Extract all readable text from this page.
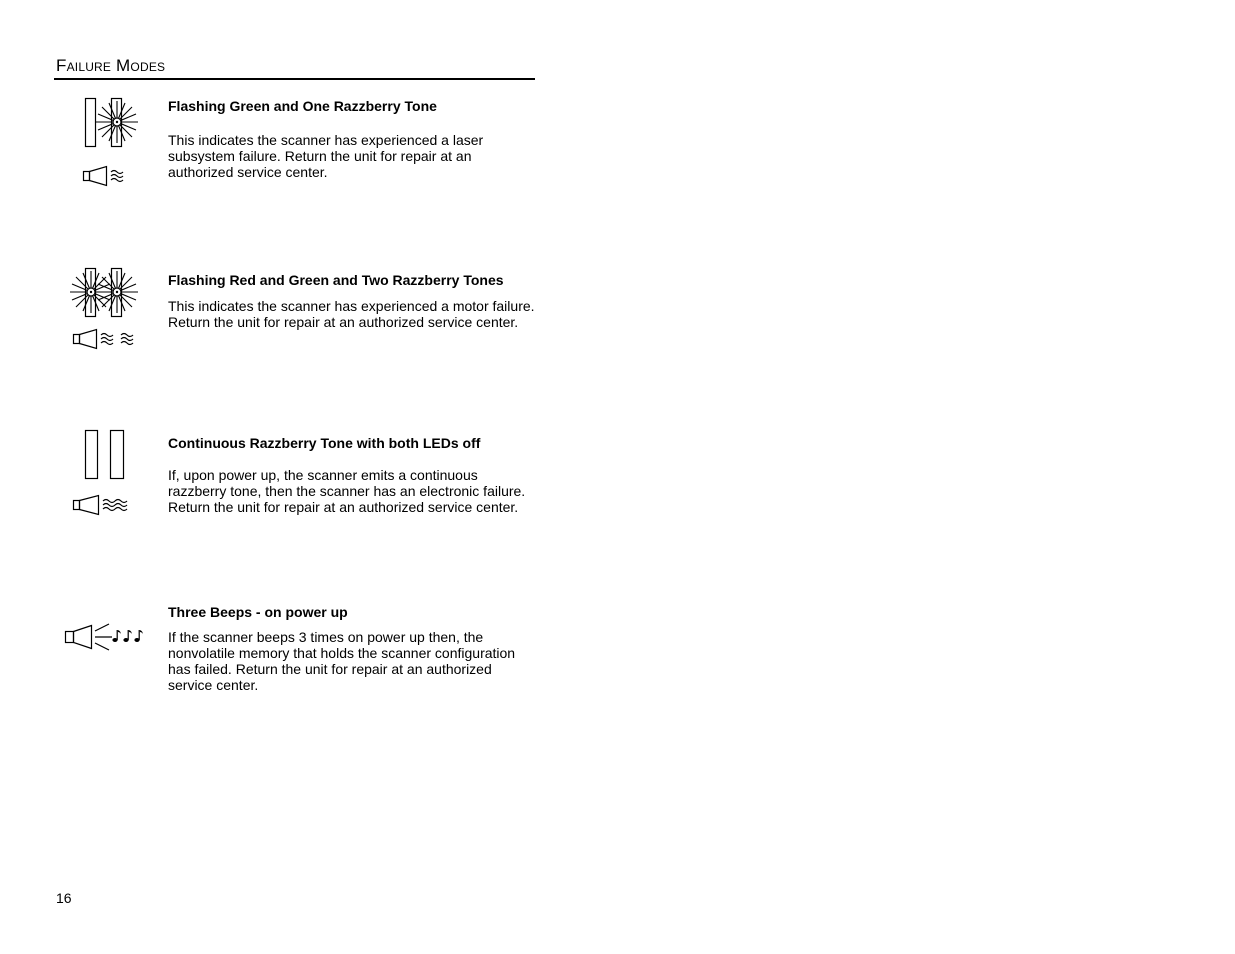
Failure Modes
Flashing Green and One Razzberry Tone
This indicates the scanner has experienced a laser subsystem failure. Return the unit for repair at an authorized service center.
Flashing Red and Green and Two Razzberry Tones
This indicates the scanner has experienced a motor failure. Return the unit for repair at an authorized service center.
Continuous Razzberry Tone with both LEDs off
If, upon power up, the scanner emits a continuous razzberry tone, then the scanner has an electronic failure. Return the unit for repair at an authorized service center.
Three Beeps - on power up
If the scanner beeps 3 times on power up then, the nonvolatile memory that holds the scanner configuration has failed. Return the unit for repair at an authorized service center.
16
